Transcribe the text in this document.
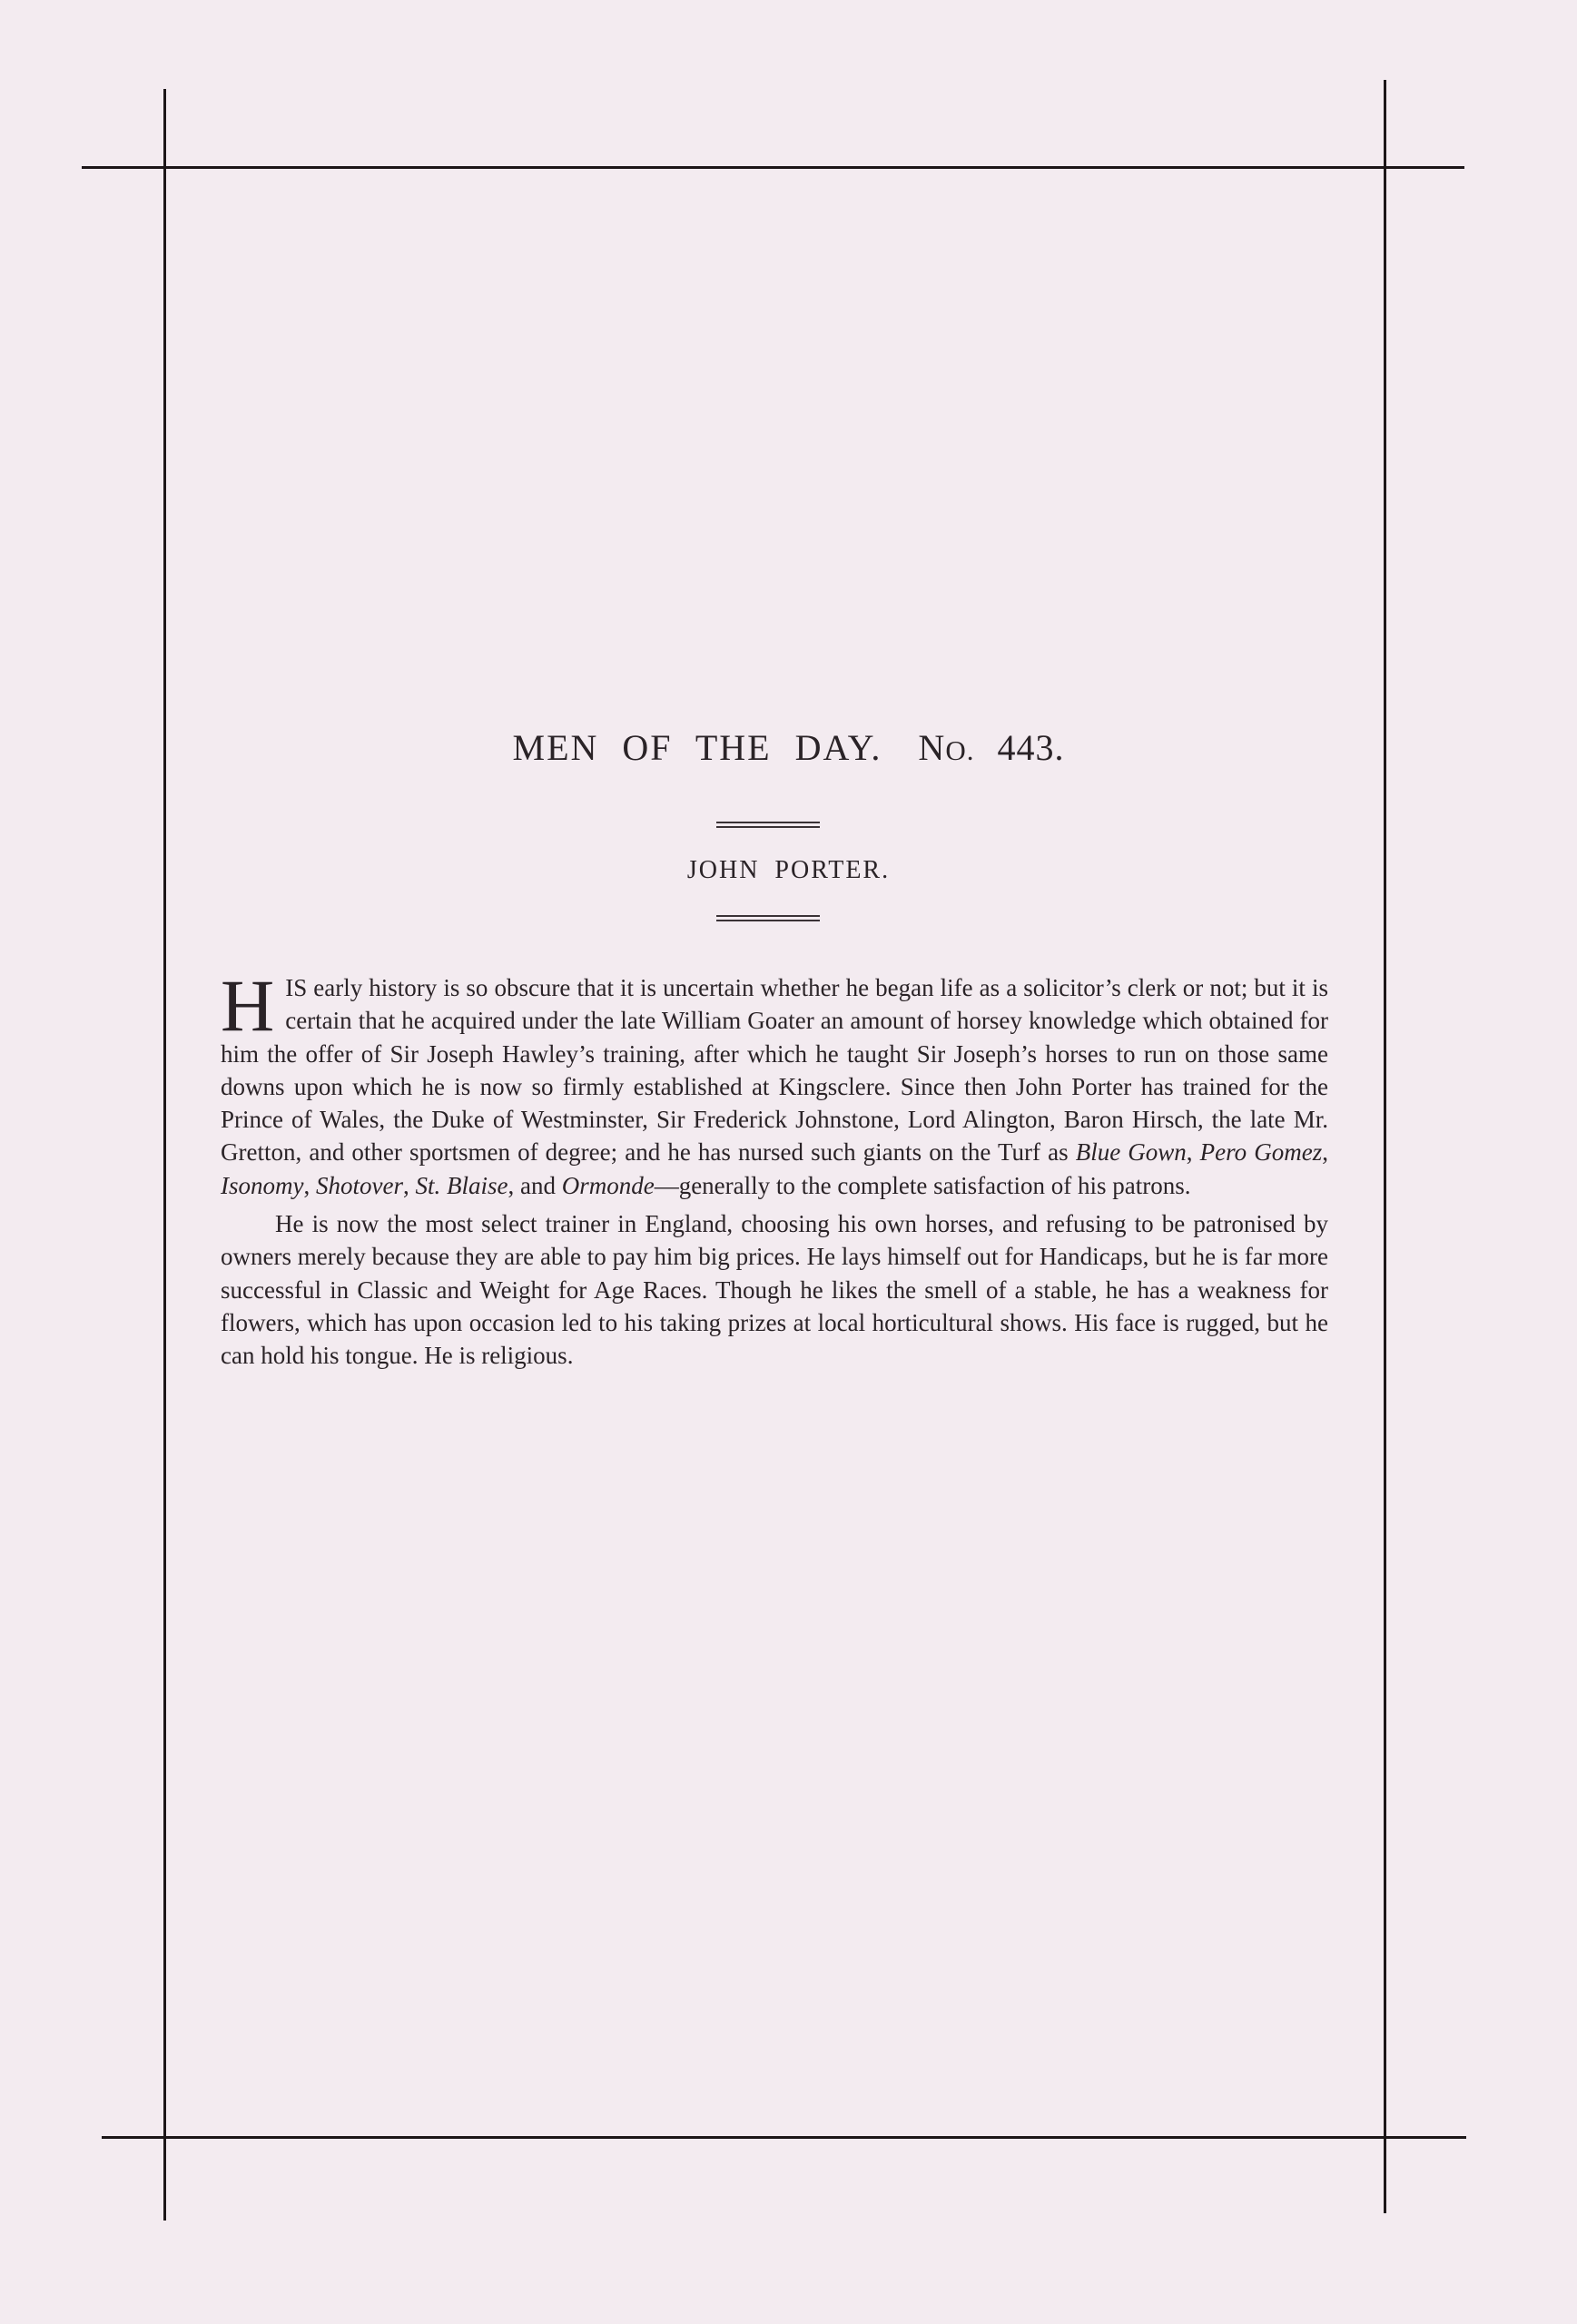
MEN OF THE DAY. NO. 443.
JOHN PORTER.

HIS early history is so obscure that it is uncertain whether he began life as a solicitor’s clerk or not; but it is certain that he acquired under the late William Goater an amount of horsey knowledge which obtained for him the offer of Sir Joseph Hawley’s training, after which he taught Sir Joseph’s horses to run on those same downs upon which he is now so firmly established at Kingsclere. Since then John Porter has trained for the Prince of Wales, the Duke of Westminster, Sir Frederick Johnstone, Lord Alington, Baron Hirsch, the late Mr. Gretton, and other sportsmen of degree; and he has nursed such giants on the Turf as Blue Gown, Pero Gomez, Isonomy, Shotover, St. Blaise, and Ormonde—generally to the complete satisfaction of his patrons.

He is now the most select trainer in England, choosing his own horses, and refusing to be patronised by owners merely because they are able to pay him big prices. He lays himself out for Handicaps, but he is far more successful in Classic and Weight for Age Races. Though he likes the smell of a stable, he has a weakness for flowers, which has upon occasion led to his taking prizes at local horticultural shows. His face is rugged, but he can hold his tongue. He is religious.
